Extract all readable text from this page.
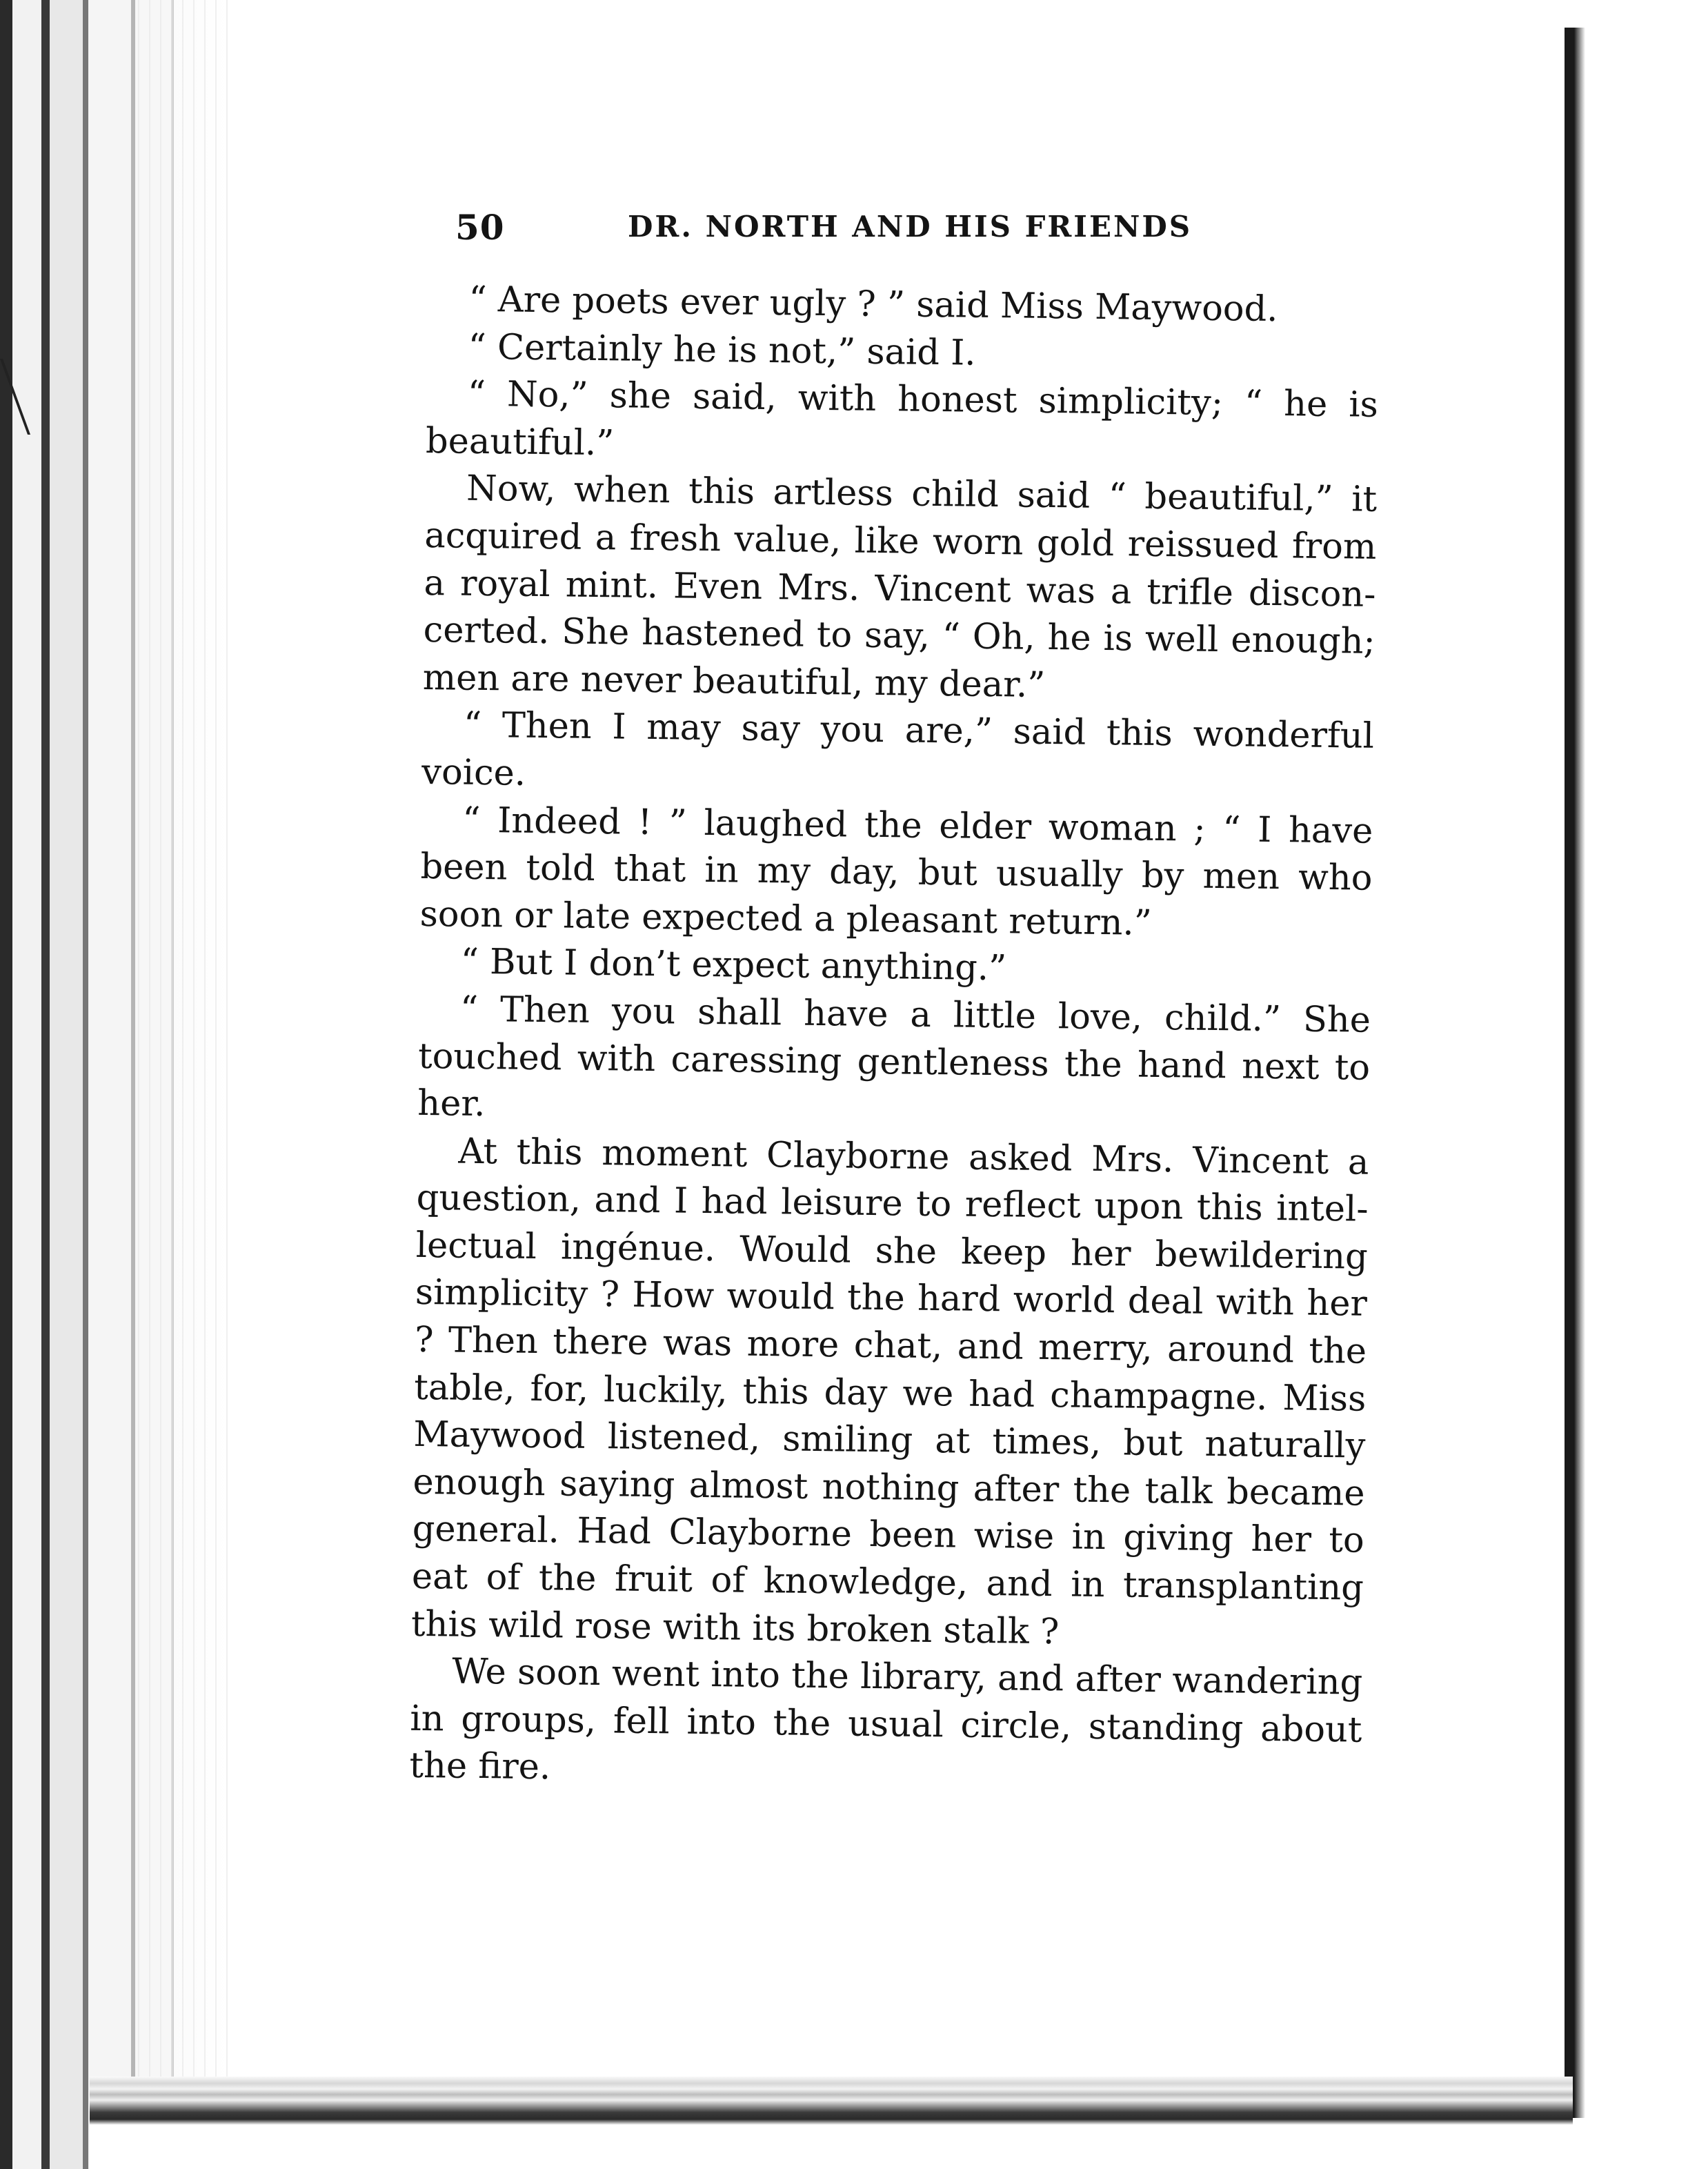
50	DR. NORTH AND HIS FRIENDS

“ Are poets ever ugly ? ” said Miss Maywood.

“ Certainly he is not,” said I.

“ No,” she said, with honest simplicity; “ he is beautiful.”

Now, when this artless child said “ beautiful,” it acquired a fresh value, like worn gold reissued from a royal mint. Even Mrs. Vincent was a trifle disconcerted. She hastened to say, “ Oh, he is well enough; men are never beautiful, my dear.”

“ Then I may say you are,” said this wonderful voice.

“ Indeed ! ” laughed the elder woman ; “ I have been told that in my day, but usually by men who soon or late expected a pleasant return.”

“ But I don’t expect anything.”

“ Then you shall have a little love, child.” She touched with caressing gentleness the hand next to her.

At this moment Clayborne asked Mrs. Vincent a question, and I had leisure to reflect upon this intellectual ingénue. Would she keep her bewildering simplicity ? How would the hard world deal with her ? Then there was more chat, and merry, around the table, for, luckily, this day we had champagne. Miss Maywood listened, smiling at times, but naturally enough saying almost nothing after the talk became general. Had Clayborne been wise in giving her to eat of the fruit of knowledge, and in transplanting this wild rose with its broken stalk ?

We soon went into the library, and after wandering in groups, fell into the usual circle, standing about the fire.
